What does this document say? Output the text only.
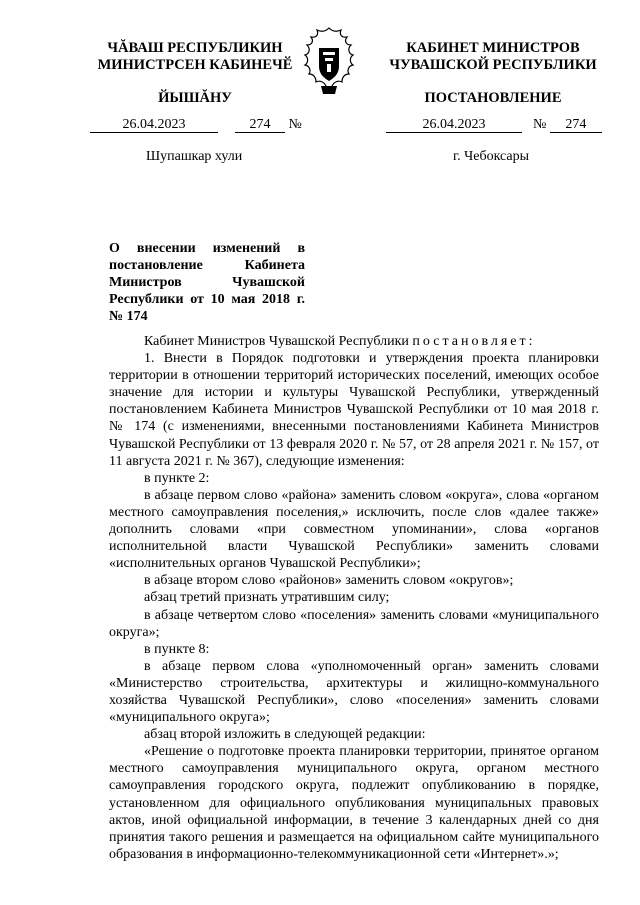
ЧĂВАШ РЕСПУБЛИКИН
МИНИСТРСЕН КАБИНЕЧӖ
ЙЫШĂНУ
КАБИНЕТ МИНИСТРОВ
ЧУВАШСКОЙ РЕСПУБЛИКИ
ПОСТАНОВЛЕНИЕ
26.04.2023	274 №	26.04.2023	№ 274
Шупашкар хули	г. Чебоксары
О внесении изменений в постановление Кабинета Министров Чувашской Республики от 10 мая 2018 г. № 174

Кабинет Министров Чувашской Республики постановляет:

1. Внести в Порядок подготовки и утверждения проекта планировки территории в отношении территорий исторических поселений, имеющих особое значение для истории и культуры Чувашской Республики, утвержденный постановлением Кабинета Министров Чувашской Республики от 10 мая 2018 г. № 174 (с изменениями, внесенными постановлениями Кабинета Министров Чувашской Республики от 13 февраля 2020 г. № 57, от 28 апреля 2021 г. № 157, от 11 августа 2021 г. № 367), следующие изменения:

в пункте 2:

в абзаце первом слово «района» заменить словом «округа», слова «органом местного самоуправления поселения,» исключить, после слов «далее также» дополнить словами «при совместном упоминании», слова «органов исполнительной власти Чувашской Республики» заменить словами «исполнительных органов Чувашской Республики»;

в абзаце втором слово «районов» заменить словом «округов»;

абзац третий признать утратившим силу;

в абзаце четвертом слово «поселения» заменить словами «муниципального округа»;

в пункте 8:

в абзаце первом слова «уполномоченный орган» заменить словами «Министерство строительства, архитектуры и жилищно-коммунального хозяйства Чувашской Республики», слово «поселения» заменить словами «муниципального округа»;

абзац второй изложить в следующей редакции:

«Решение о подготовке проекта планировки территории, принятое органом местного самоуправления муниципального округа, органом местного самоуправления городского округа, подлежит опубликованию в порядке, установленном для официального опубликования муниципальных правовых актов, иной официальной информации, в течение 3 календарных дней со дня принятия такого решения и размещается на официальном сайте муниципального образования в информационно-телекоммуникационной сети «Интернет».»;
